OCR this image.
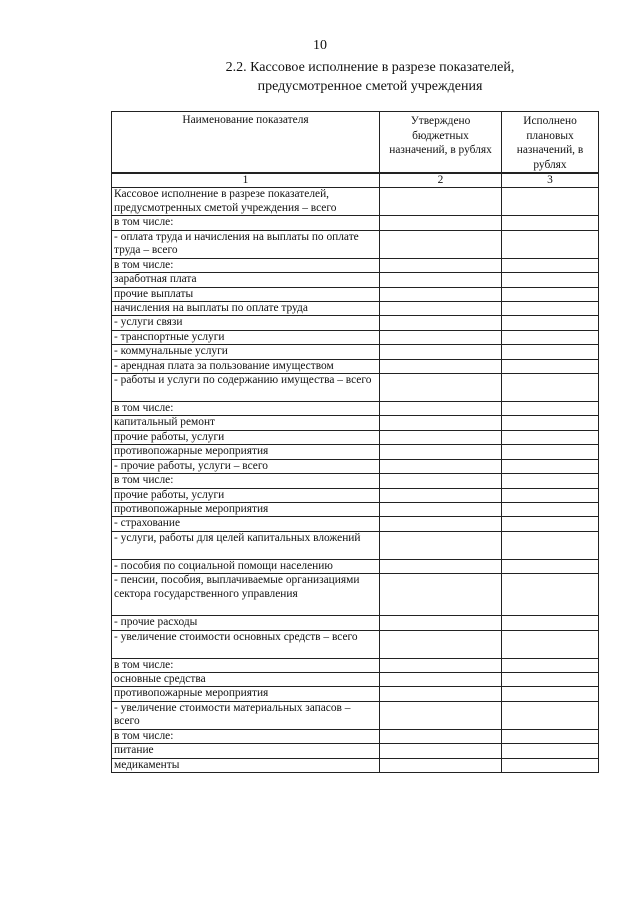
10
2.2. Кассовое исполнение в разрезе показателей,
предусмотренное сметой учреждения
Наименование показателя	Утверждено бюджетных назначений, в рублях	Исполнено плановых назначений, в рублях
1	2	3
Кассовое исполнение в разрезе показателей, предусмотренных сметой учреждения – всего		
в том числе:		
- оплата труда и начисления на выплаты по оплате труда – всего		
в том числе:		
заработная плата		
прочие выплаты		
начисления на выплаты по оплате труда		
- услуги связи		
- транспортные услуги		
- коммунальные услуги		
- арендная плата за пользование имуществом		
- работы и услуги по содержанию имущества – всего		
в том числе:		
капитальный ремонт		
прочие работы, услуги		
противопожарные мероприятия		
- прочие работы, услуги – всего		
в том числе:		
прочие работы, услуги		
противопожарные мероприятия		
- страхование		
- услуги, работы для целей капитальных вложений		
- пособия по социальной помощи населению		
- пенсии, пособия, выплачиваемые организациями сектора государственного управления		
- прочие расходы		
- увеличение стоимости основных средств – всего		
в том числе:		
основные средства		
противопожарные мероприятия		
- увеличение стоимости материальных запасов – всего		
в том числе:		
питание		
медикаменты		
